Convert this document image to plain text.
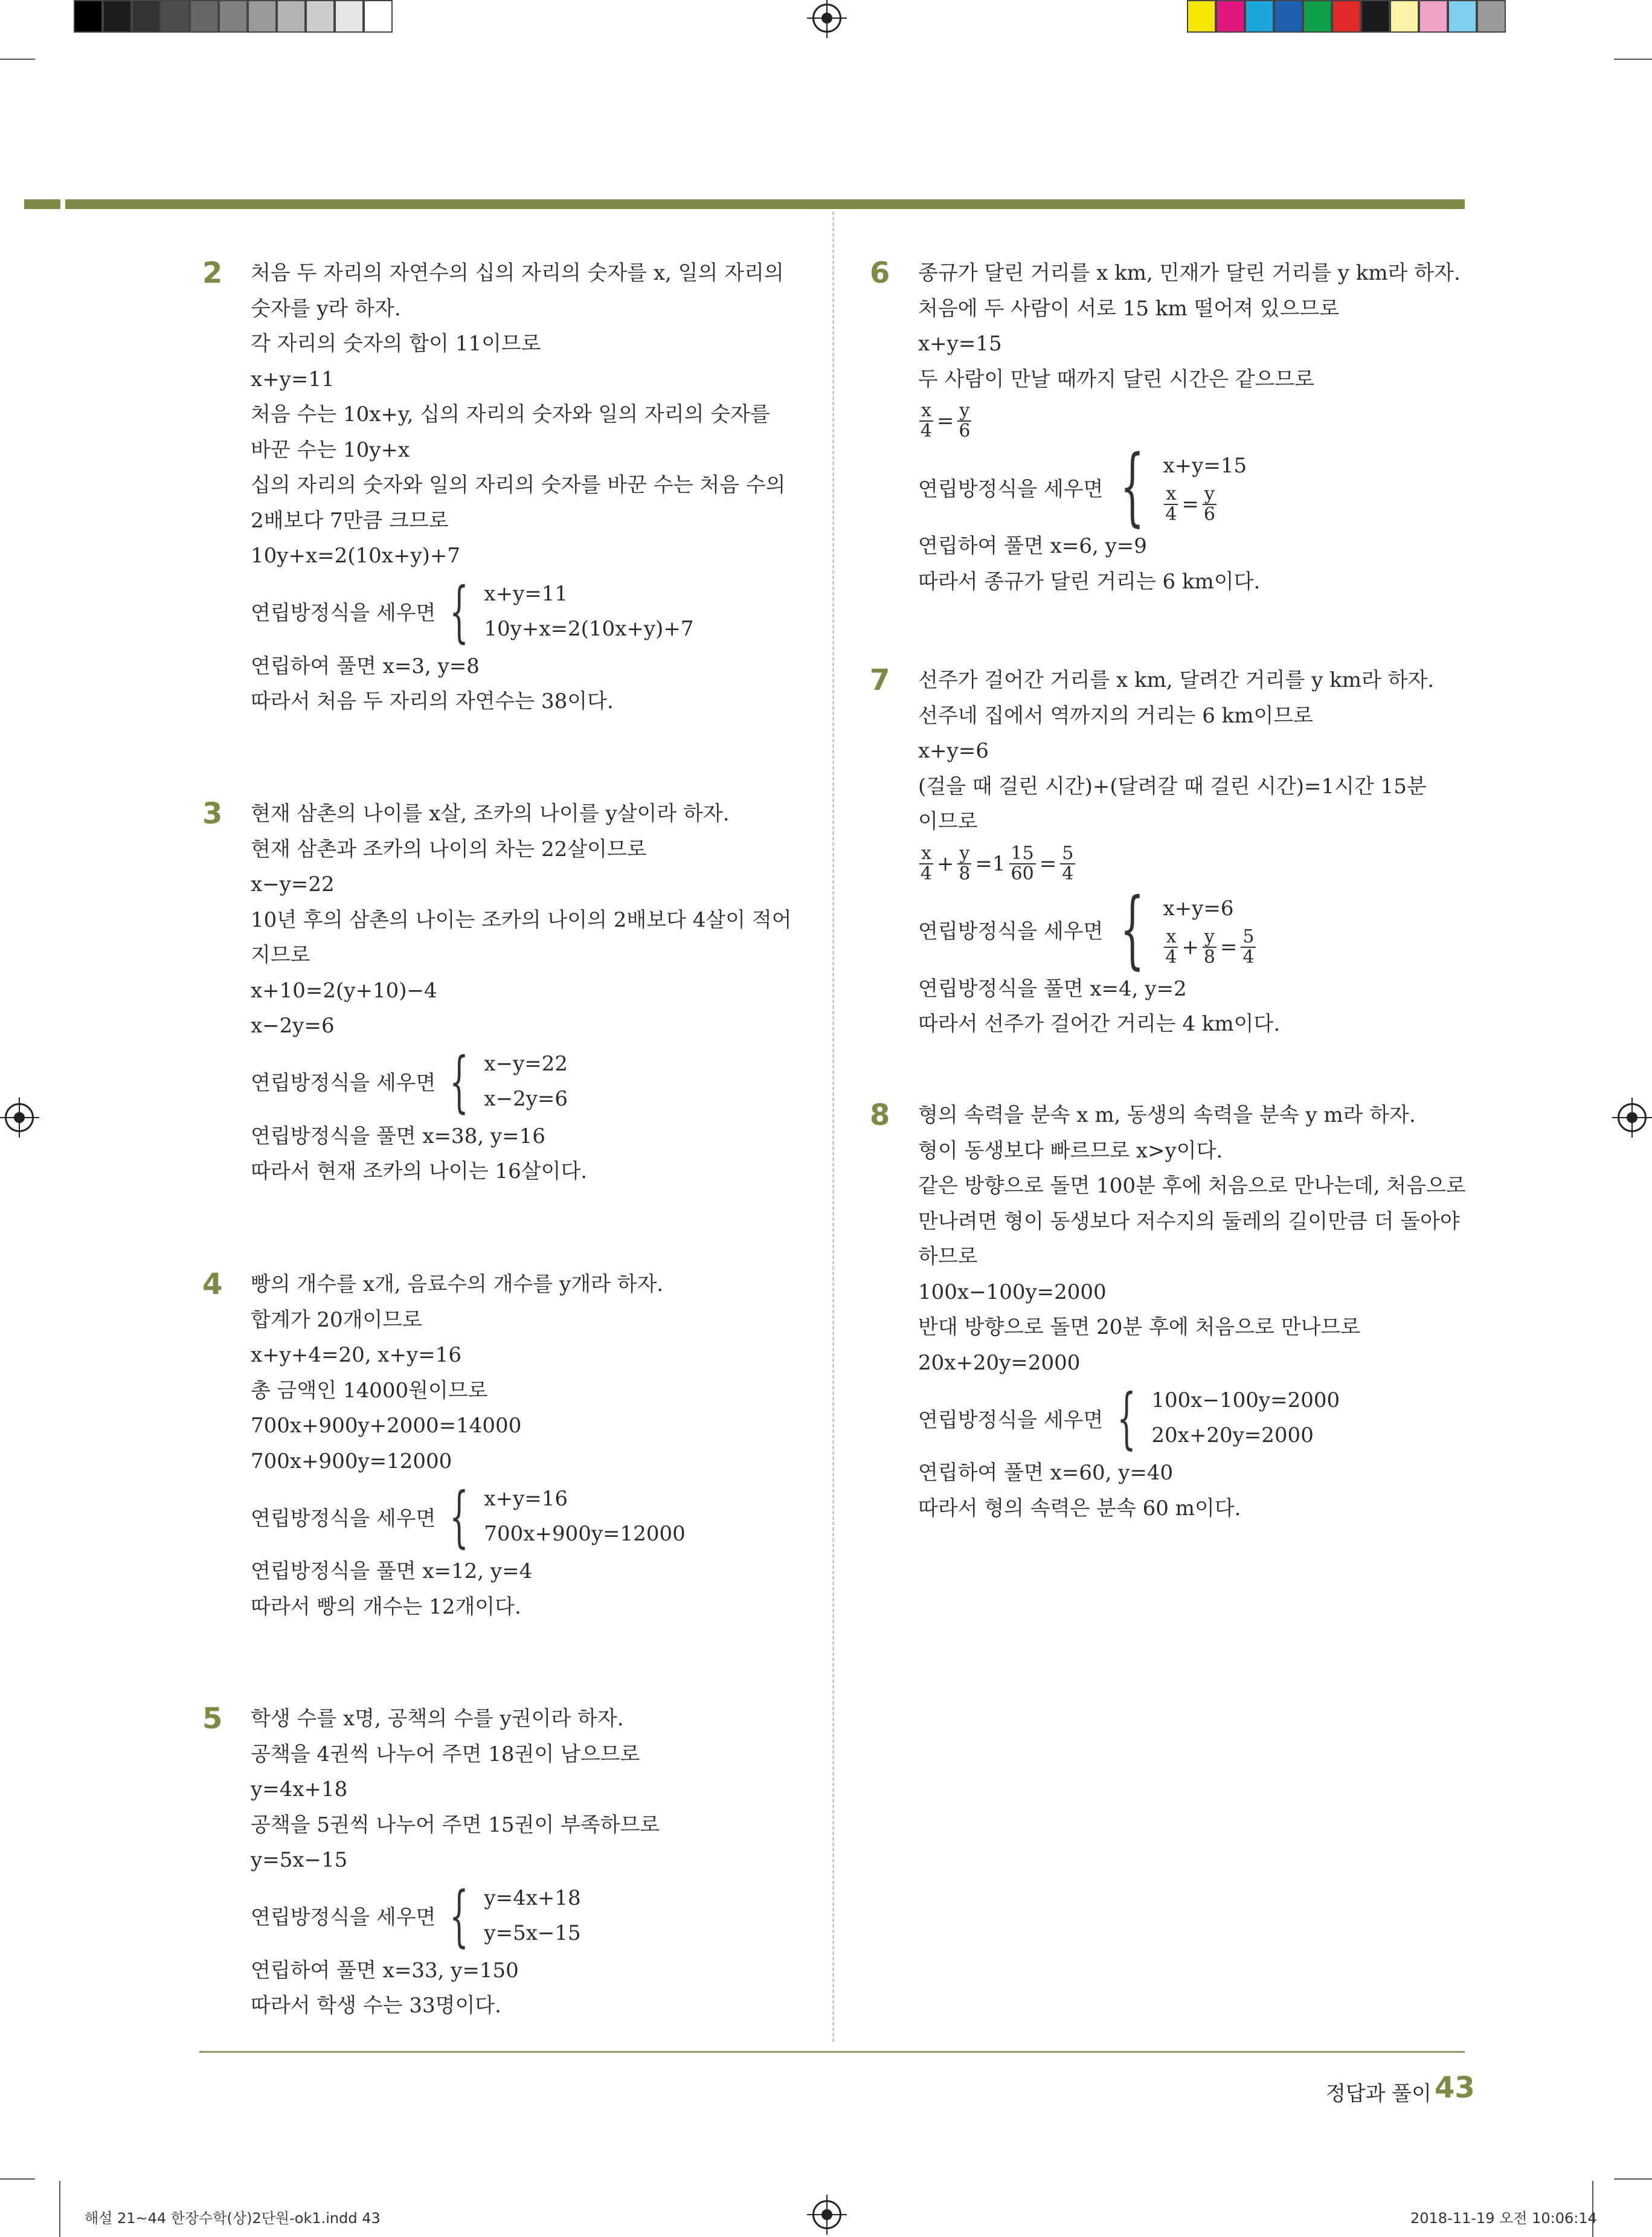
2 처음 두 자리의 자연수의 십의 자리의 숫자를 x, 일의 자리의
숫자를 y라 하자.
각 자리의 숫자의 합이 11이므로
x+y=11
처음 수는 10x+y, 십의 자리의 숫자와 일의 자리의 숫자를
바꾼 수는 10y+x
십의 자리의 숫자와 일의 자리의 숫자를 바꾼 수는 처음 수의
2배보다 7만큼 크므로
10y+x=2(10x+y)+7
연립방정식을 세우면 { x+y=11
10y+x=2(10x+y)+7
연립하여 풀면 x=3, y=8
따라서 처음 두 자리의 자연수는 38이다.
3 현재 삼촌의 나이를 x살, 조카의 나이를 y살이라 하자.
현재 삼촌과 조카의 나이의 차는 22살이므로
x−y=22
10년 후의 삼촌의 나이는 조카의 나이의 2배보다 4살이 적어
지므로
x+10=2(y+10)−4
x−2y=6
연립방정식을 세우면 { x−y=22
x−2y=6
연립방정식을 풀면 x=38, y=16
따라서 현재 조카의 나이는 16살이다.
4 빵의 개수를 x개, 음료수의 개수를 y개라 하자.
합계가 20개이므로
x+y+4=20, x+y=16
총 금액인 14000원이므로
700x+900y+2000=14000
700x+900y=12000
연립방정식을 세우면 { x+y=16
700x+900y=12000
연립방정식을 풀면 x=12, y=4
따라서 빵의 개수는 12개이다.
5 학생 수를 x명, 공책의 수를 y권이라 하자.
공책을 4권씩 나누어 주면 18권이 남으므로
y=4x+18
공책을 5권씩 나누어 주면 15권이 부족하므로
y=5x−15
연립방정식을 세우면 { y=4x+18
y=5x−15
연립하여 풀면 x=33, y=150
따라서 학생 수는 33명이다.
6 종규가 달린 거리를 x km, 민재가 달린 거리를 y km라 하자.
처음에 두 사람이 서로 15 km 떨어져 있으므로
x+y=15
두 사람이 만날 때까지 달린 시간은 같으므로
$\frac{x}{4} = \frac{y}{6}$
연립방정식을 세우면 { x+y=15
$\frac{x}{4} = \frac{y}{6}$
연립하여 풀면 x=6, y=9
따라서 종규가 달린 거리는 6 km이다.
7 선주가 걸어간 거리를 x km, 달려간 거리를 y km라 하자.
선주네 집에서 역까지의 거리는 6 km이므로
x+y=6
(걸을 때 걸린 시간)+(달려갈 때 걸린 시간)=1시간 15분
이므로
$\frac{x}{4} + \frac{y}{8} =1 \frac{15}{60} = \frac{5}{4}$
연립방정식을 세우면 { x+y=6
$\frac{x}{4} + \frac{y}{8} = \frac{5}{4}$
연립방정식을 풀면 x=4, y=2
따라서 선주가 걸어간 거리는 4 km이다.
8 형의 속력을 분속 x m, 동생의 속력을 분속 y m라 하자.
형이 동생보다 빠르므로 x>y이다.
같은 방향으로 돌면 100분 후에 처음으로 만나는데, 처음으로
만나려면 형이 동생보다 저수지의 둘레의 길이만큼 더 돌아야
하므로
100x−100y=2000
반대 방향으로 돌면 20분 후에 처음으로 만나므로
20x+20y=2000
연립방정식을 세우면 { 100x−100y=2000
20x+20y=2000
연립하여 풀면 x=60, y=40
따라서 형의 속력은 분속 60 m이다.
정답과 풀이 43
해설 21~44 한장수학(상)2단원-ok1.indd 43	2018-11-19 오전 10:06:14
